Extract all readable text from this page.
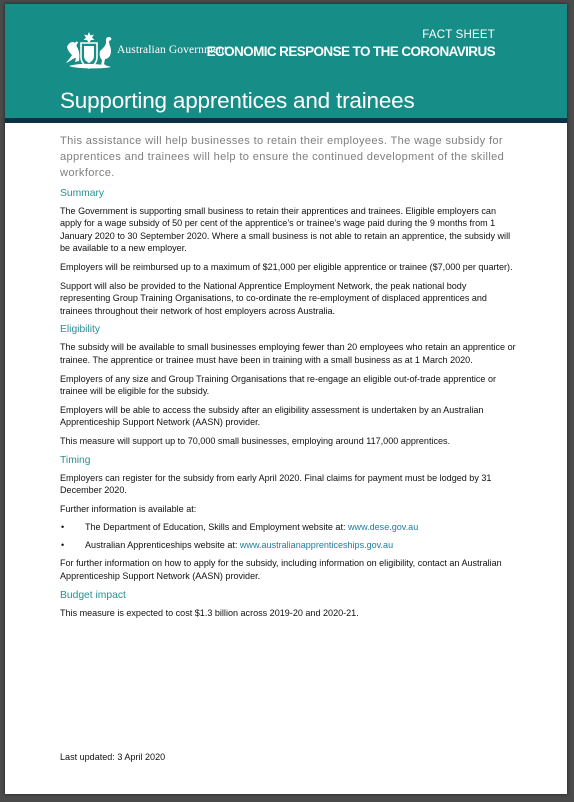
Australian Government
FACT SHEET
ECONOMIC RESPONSE TO THE CORONAVIRUS
Supporting apprentices and trainees

This assistance will help businesses to retain their employees. The wage subsidy for apprentices and trainees will help to ensure the continued development of the skilled workforce.

Summary

The Government is supporting small business to retain their apprentices and trainees. Eligible employers can apply for a wage subsidy of 50 per cent of the apprentice’s or trainee’s wage paid during the 9 months from 1 January 2020 to 30 September 2020. Where a small business is not able to retain an apprentice, the subsidy will be available to a new employer.

Employers will be reimbursed up to a maximum of $21,000 per eligible apprentice or trainee ($7,000 per quarter).

Support will also be provided to the National Apprentice Employment Network, the peak national body representing Group Training Organisations, to co-ordinate the re-employment of displaced apprentices and trainees throughout their network of host employers across Australia.

Eligibility

The subsidy will be available to small businesses employing fewer than 20 employees who retain an apprentice or trainee. The apprentice or trainee must have been in training with a small business as at 1 March 2020.

Employers of any size and Group Training Organisations that re-engage an eligible out-of-trade apprentice or trainee will be eligible for the subsidy.

Employers will be able to access the subsidy after an eligibility assessment is undertaken by an Australian Apprenticeship Support Network (AASN) provider.

This measure will support up to 70,000 small businesses, employing around 117,000 apprentices.

Timing

Employers can register for the subsidy from early April 2020. Final claims for payment must be lodged by 31 December 2020.

Further information is available at:

• The Department of Education, Skills and Employment website at: www.dese.gov.au
• Australian Apprenticeships website at: www.australianapprenticeships.gov.au

For further information on how to apply for the subsidy, including information on eligibility, contact an Australian Apprenticeship Support Network (AASN) provider.

Budget impact

This measure is expected to cost $1.3 billion across 2019-20 and 2020-21.

Last updated: 3 April 2020
